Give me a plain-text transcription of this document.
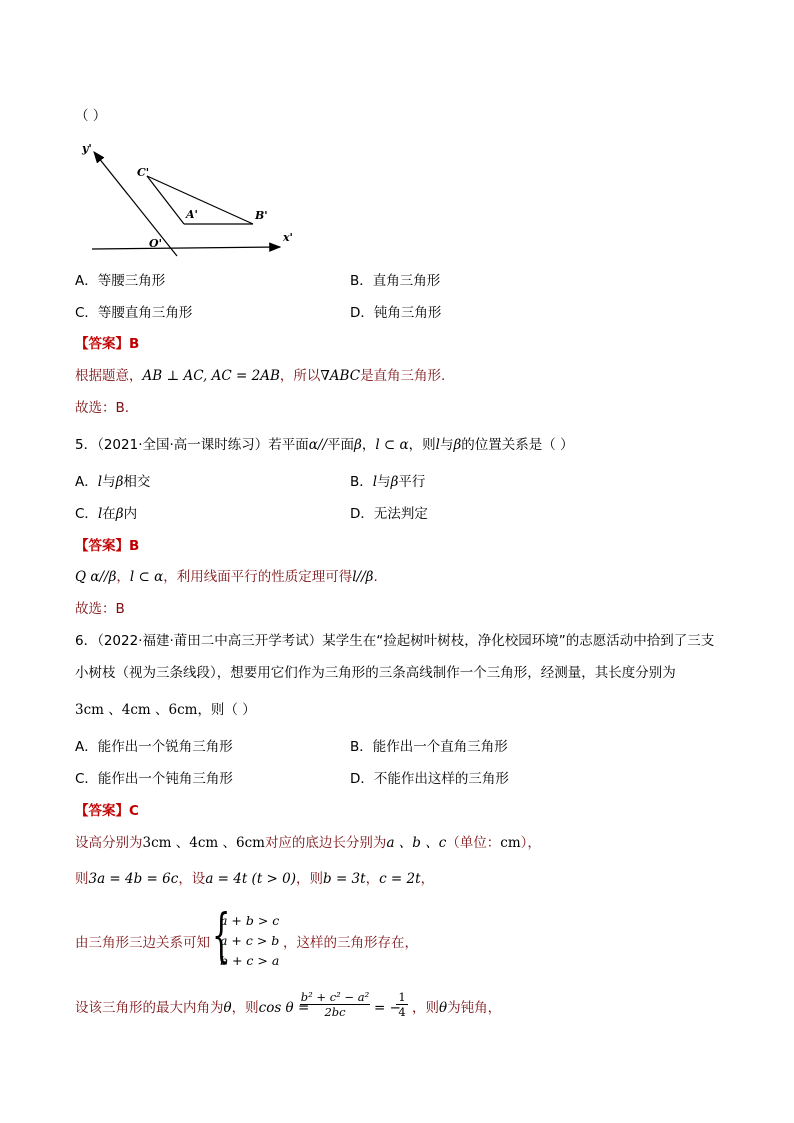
（ ）
y'
x'
C'
A'	B'
O'
A．等腰三角形	B．直角三角形
C．等腰直角三角形	D．钝角三角形
【答案】B
根据题意，AB ⊥ AC, AC = 2AB，所以∇ABC是直角三角形.
故选：B.
5．（2021·全国·高一课时练习）若平面α//平面β，l ⊂ α，则l与β的位置关系是（ ）
A．l与β相交	B．l与β平行
C．l在β内	D．无法判定
【答案】B
Q α//β，l ⊂ α，利用线面平行的性质定理可得l//β.
故选：B
6．（2022·福建·莆田二中高三开学考试）某学生在“捡起树叶树枝，净化校园环境”的志愿活动中拾到了三支
小树枝（视为三条线段），想要用它们作为三角形的三条高线制作一个三角形，经测量，其长度分别为
3cm 、4cm 、6cm，则（ ）
A．能作出一个锐角三角形	B．能作出一个直角三角形
C．能作出一个钝角三角形	D．不能作出这样的三角形
【答案】C
设高分别为3cm 、4cm 、6cm对应的底边长分别为a 、b 、c（单位：cm），
则3a = 4b = 6c，设a = 4t (t > 0)，则b = 3t，c = 2t，
由三角形三边关系可知 {
a + b > c
a + c > b
b + c > a
，这样的三角形存在，
设该三角形的最大内角为θ，则cos θ =
$\frac{\text{b² + c² − a²}}{2bc}$ = −
$\frac{1}{4}$ ，则θ为钝角，
